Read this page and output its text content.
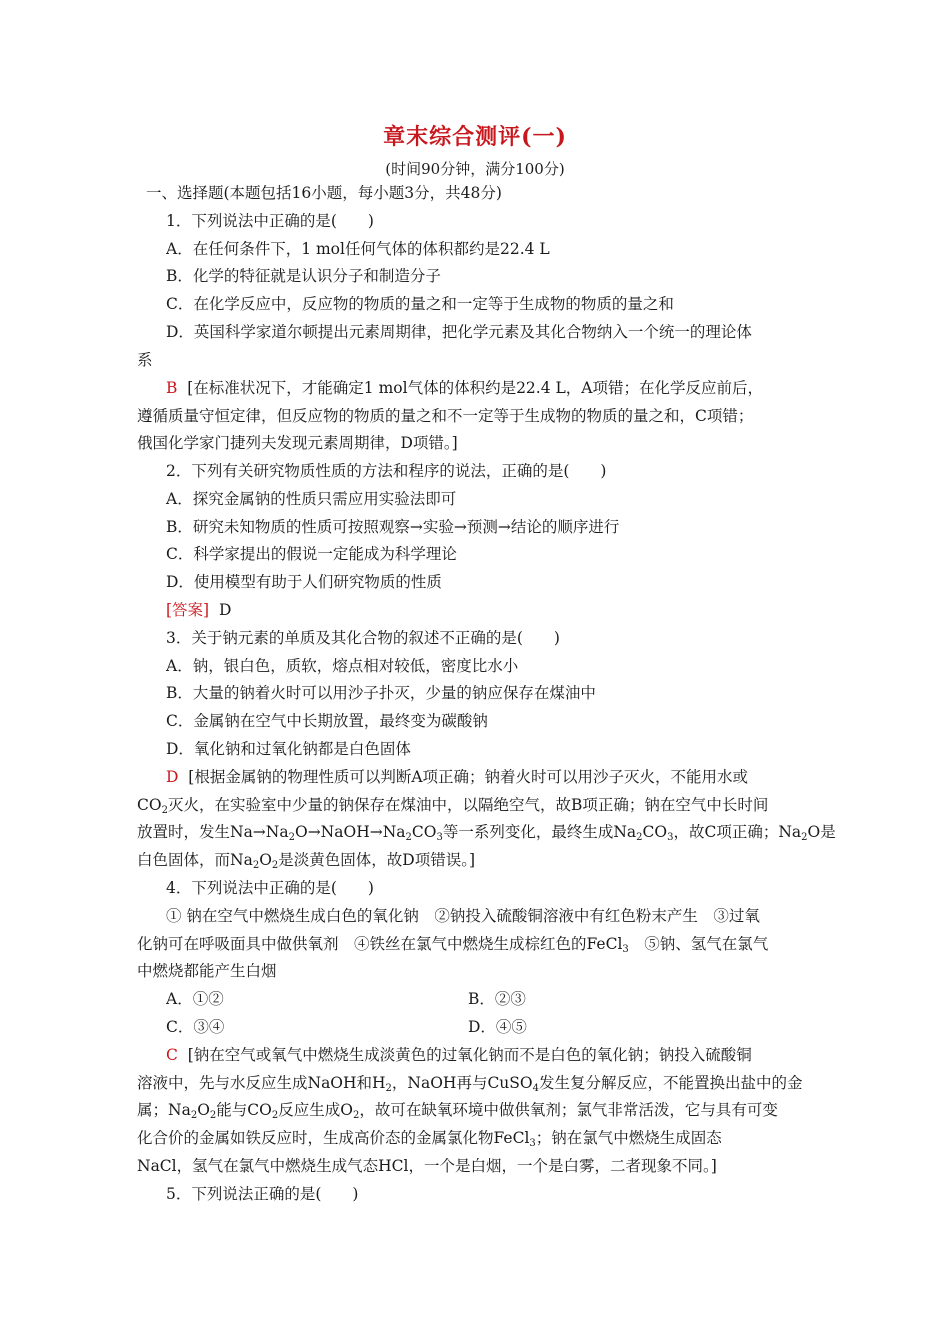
章末综合测评(一)
(时间90分钟，满分100分)
一、选择题(本题包括16小题，每小题3分，共48分)
1．下列说法中正确的是(　　)
A．在任何条件下，1 mol任何气体的体积都约是22.4 L
B．化学的特征就是认识分子和制造分子
C．在化学反应中，反应物的物质的量之和一定等于生成物的物质的量之和
D．英国科学家道尔顿提出元素周期律，把化学元素及其化合物纳入一个统一的理论体
系
B [在标准状况下，才能确定1 mol气体的体积约是22.4 L，A项错；在化学反应前后，
遵循质量守恒定律，但反应物的物质的量之和不一定等于生成物的物质的量之和，C项错；
俄国化学家门捷列夫发现元素周期律，D项错。]
2．下列有关研究物质性质的方法和程序的说法，正确的是(　　)
A．探究金属钠的性质只需应用实验法即可
B．研究未知物质的性质可按照观察→实验→预测→结论的顺序进行
C．科学家提出的假说一定能成为科学理论
D．使用模型有助于人们研究物质的性质
[答案] D
3．关于钠元素的单质及其化合物的叙述不正确的是(　　)
A．钠，银白色，质软，熔点相对较低，密度比水小
B．大量的钠着火时可以用沙子扑灭，少量的钠应保存在煤油中
C．金属钠在空气中长期放置，最终变为碳酸钠
D．氧化钠和过氧化钠都是白色固体
D [根据金属钠的物理性质可以判断A项正确；钠着火时可以用沙子灭火，不能用水或
$CO_2$灭火，在实验室中少量的钠保存在煤油中，以隔绝空气，故B项正确；钠在空气中长时间
放置时，发生$Na\to Na_2O\to NaOH\to Na_2CO_3$等一系列变化，最终生成$Na_2CO_3$，故C项正确；$Na_2O$是
白色固体，而$Na_2O_2$是淡黄色固体，故D项错误。]
4．下列说法中正确的是(　　)
① 钠在空气中燃烧生成白色的氧化钠　②钠投入硫酸铜溶液中有红色粉末产生　③过氧
化钠可在呼吸面具中做供氧剂　④铁丝在氯气中燃烧生成棕红色的FeCl$_3$　⑤钠、氢气在氯气
中燃烧都能产生白烟
A．①②	B．②③
C．③④	D．④⑤
C [钠在空气或氧气中燃烧生成淡黄色的过氧化钠而不是白色的氧化钠；钠投入硫酸铜
溶液中，先与水反应生成NaOH和$H_2$，NaOH再与CuSO$_4$发生复分解反应，不能置换出盐中的金
属；$Na_2O_2$能与$CO_2$反应生成$O_2$，故可在缺氧环境中做供氧剂；氯气非常活泼，它与具有可变
化合价的金属如铁反应时，生成高价态的金属氯化物FeCl$_3$；钠在氯气中燃烧生成固态
NaCl，氢气在氯气中燃烧生成气态HCl，一个是白烟，一个是白雾，二者现象不同。]
5．下列说法正确的是(　　)
